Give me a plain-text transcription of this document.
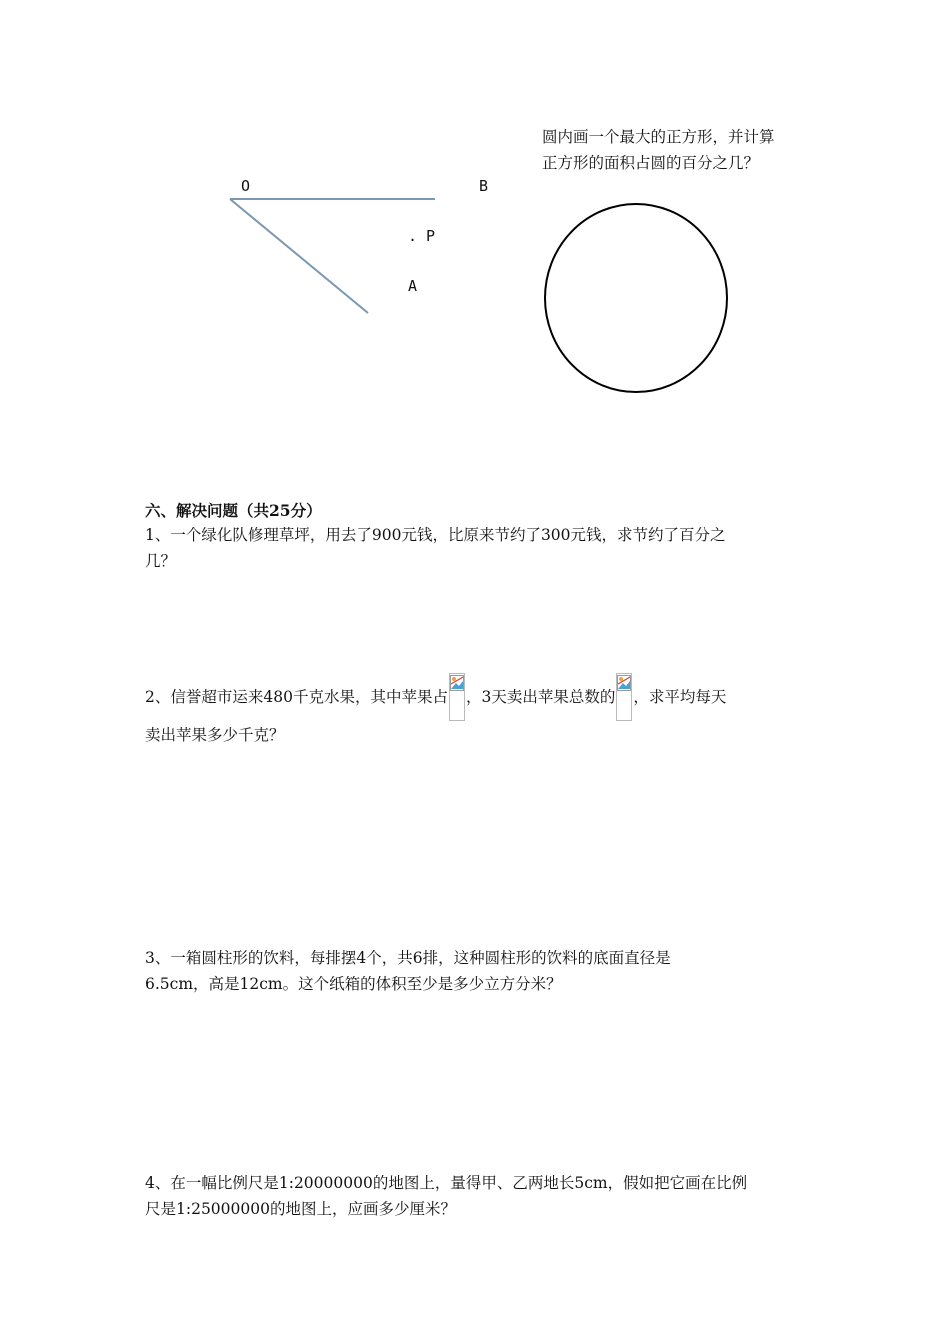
O	B
. P
A
圆内画一个最大的正方形，并计算
正方形的面积占圆的百分之几？
六、解决问题（共25分）
1、一个绿化队修理草坪，用去了900元钱，比原来节约了300元钱，求节约了百分之
几？
2、信誉超市运来480千克水果，其中苹果占 ，3天卖出苹果总数的 ，求平均每天
卖出苹果多少千克？
3、一箱圆柱形的饮料，每排摆4个，共6排，这种圆柱形的饮料的底面直径是
6.5cm，高是12cm。这个纸箱的体积至少是多少立方分米？
4、在一幅比例尺是1:20000000的地图上，量得甲、乙两地长5cm，假如把它画在比例
尺是1:25000000的地图上，应画多少厘米？
